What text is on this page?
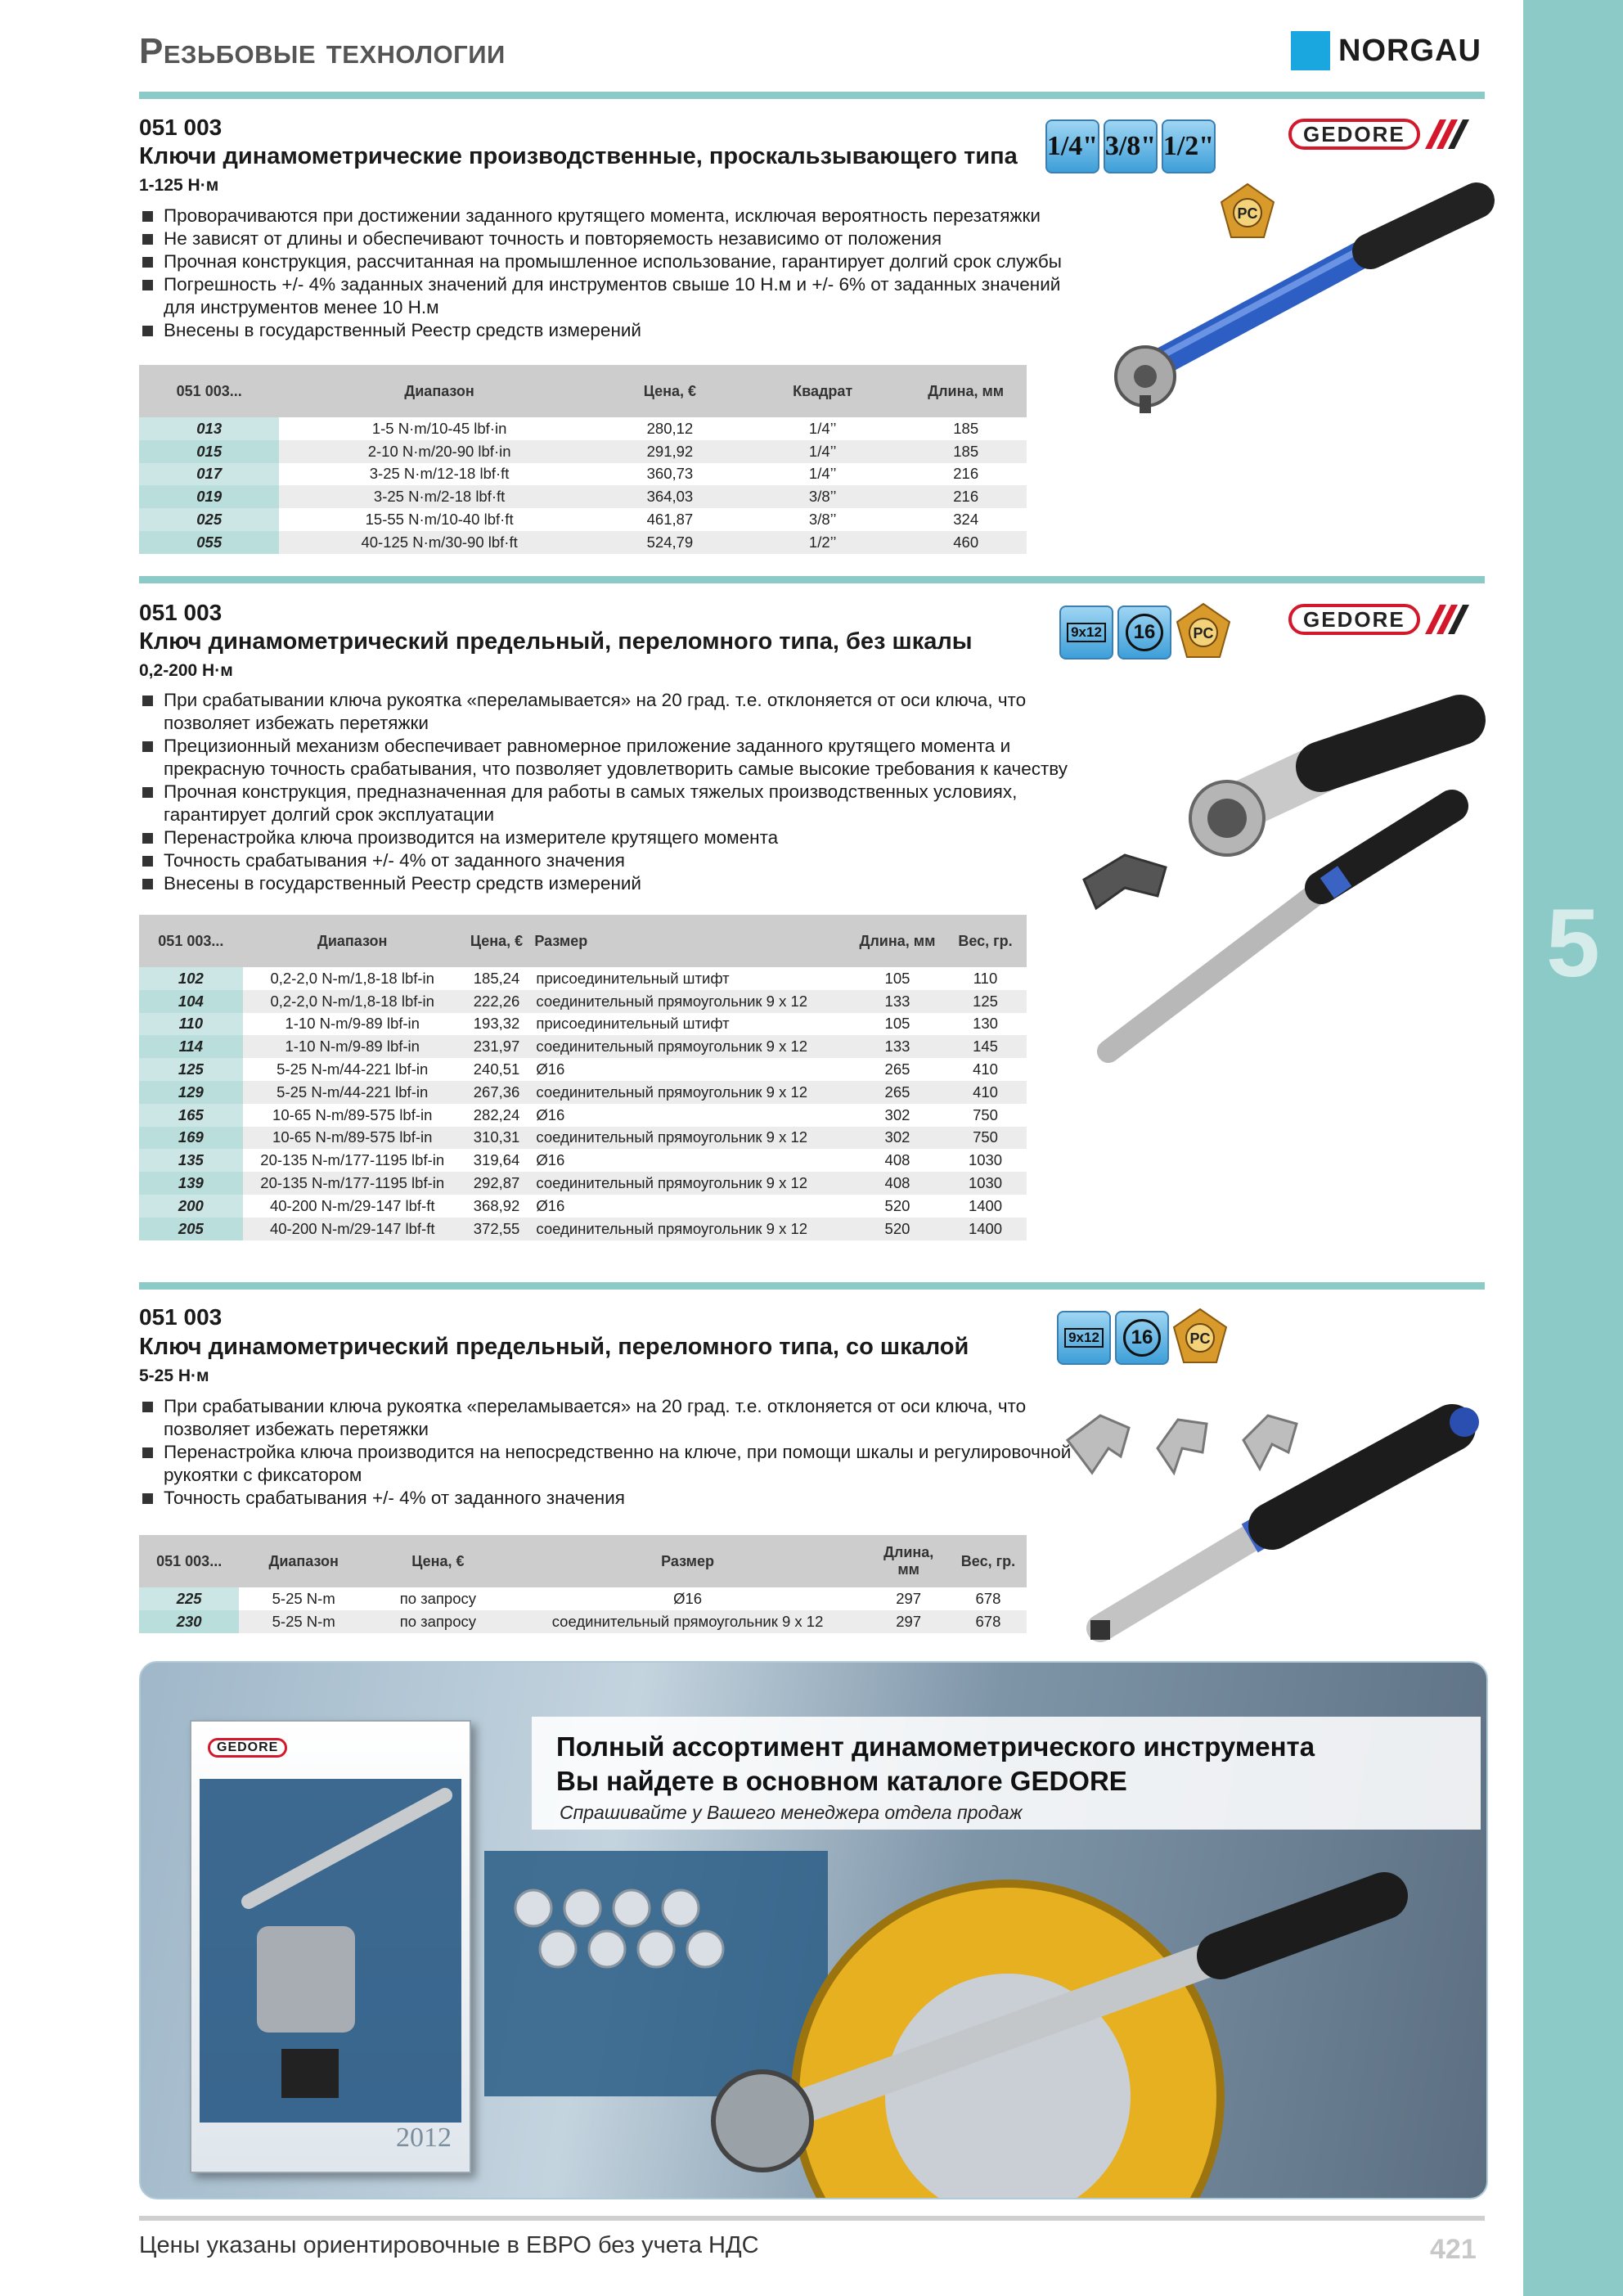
5
Резьбовые технологии	NORGAU
051 003
Ключи динамометрические производственные, проскальзывающего типа
1-125 Н·м
1/4" 3/8" 1/2"	GEDORE
PC
Проворачиваются при достижении заданного крутящего момента, исключая вероятность перезатяжки
Не зависят от длины и обеспечивают точность и повторяемость независимо от положения
Прочная конструкция, рассчитанная на промышленное использование, гарантирует долгий срок службы
Погрешность +/- 4% заданных значений для инструментов свыше 10 Н.м и +/- 6% от заданных значений для инструментов менее 10 Н.м
Внесены в государственный Реестр средств измерений
051 003...	Диапазон	Цена, €	Квадрат	Длина, мм
013	1-5 N·m/10-45 lbf·in	280,12	1/4’’	185
015	2-10 N·m/20-90 lbf·in	291,92	1/4’’	185
017	3-25 N·m/12-18 lbf·ft	360,73	1/4’’	216
019	3-25 N·m/2-18 lbf·ft	364,03	3/8’’	216
025	15-55 N·m/10-40 lbf·ft	461,87	3/8’’	324
055	40-125 N·m/30-90 lbf·ft	524,79	1/2’’	460
051 003
Ключ динамометрический предельный, переломного типа, без шкалы
0,2-200 Н·м
9x12	16	PC
GEDORE
При срабатывании ключа рукоятка «переламывается» на 20 град. т.е. отклоняется от оси ключа, что позволяет избежать перетяжки
Прецизионный механизм обеспечивает равномерное приложение заданного крутящего момента и прекрасную точность срабатывания, что позволяет удовлетворить самые высокие требования к качеству
Прочная конструкция, предназначенная для работы в самых тяжелых производственных условиях, гарантирует долгий срок эксплуатации
Перенастройка ключа производится на измерителе крутящего момента
Точность срабатывания +/- 4% от заданного значения
Внесены в государственный Реестр средств измерений
051 003...	Диапазон	Цена, €	Размер	Длина, мм	Вес, гр.
102	0,2-2,0 N-m/1,8-18 lbf-in	185,24	присоединительный штифт	105	110
104	0,2-2,0 N-m/1,8-18 lbf-in	222,26	соединительный прямоугольник 9 x 12	133	125
110	1-10 N-m/9-89 lbf-in	193,32	присоединительный штифт	105	130
114	1-10 N-m/9-89 lbf-in	231,97	соединительный прямоугольник 9 x 12	133	145
125	5-25 N-m/44-221 lbf-in	240,51	Ø16	265	410
129	5-25 N-m/44-221 lbf-in	267,36	соединительный прямоугольник 9 x 12	265	410
165	10-65 N-m/89-575 lbf-in	282,24	Ø16	302	750
169	10-65 N-m/89-575 lbf-in	310,31	соединительный прямоугольник 9 x 12	302	750
135	20-135 N-m/177-1195 lbf-in	319,64	Ø16	408	1030
139	20-135 N-m/177-1195 lbf-in	292,87	соединительный прямоугольник 9 x 12	408	1030
200	40-200 N-m/29-147 lbf-ft	368,92	Ø16	520	1400
205	40-200 N-m/29-147 lbf-ft	372,55	соединительный прямоугольник 9 x 12	520	1400
051 003
Ключ динамометрический предельный, переломного типа, со шкалой
5-25 Н·м
9x12	16	PC
При срабатывании ключа рукоятка «переламывается» на 20 град. т.е. отклоняется от оси ключа, что позволяет избежать перетяжки
Перенастройка ключа производится на непосредственно на ключе, при помощи шкалы и регулировочной рукоятки с фиксатором
Точность срабатывания +/- 4% от заданного значения
051 003...	Диапазон	Цена, €	Размер	Длина, мм	Вес, гр.
225	5-25 N-m	по запросу	Ø16	297	678
230	5-25 N-m	по запросу	соединительный прямоугольник 9 x 12	297	678
GEDORE
2012
Полный ассортимент динамометрического инструмента
Вы найдете в основном каталоге GEDORE
Спрашивайте у Вашего менеджера отдела продаж
Цены указаны ориентировочные в ЕВРО без учета НДС	421
